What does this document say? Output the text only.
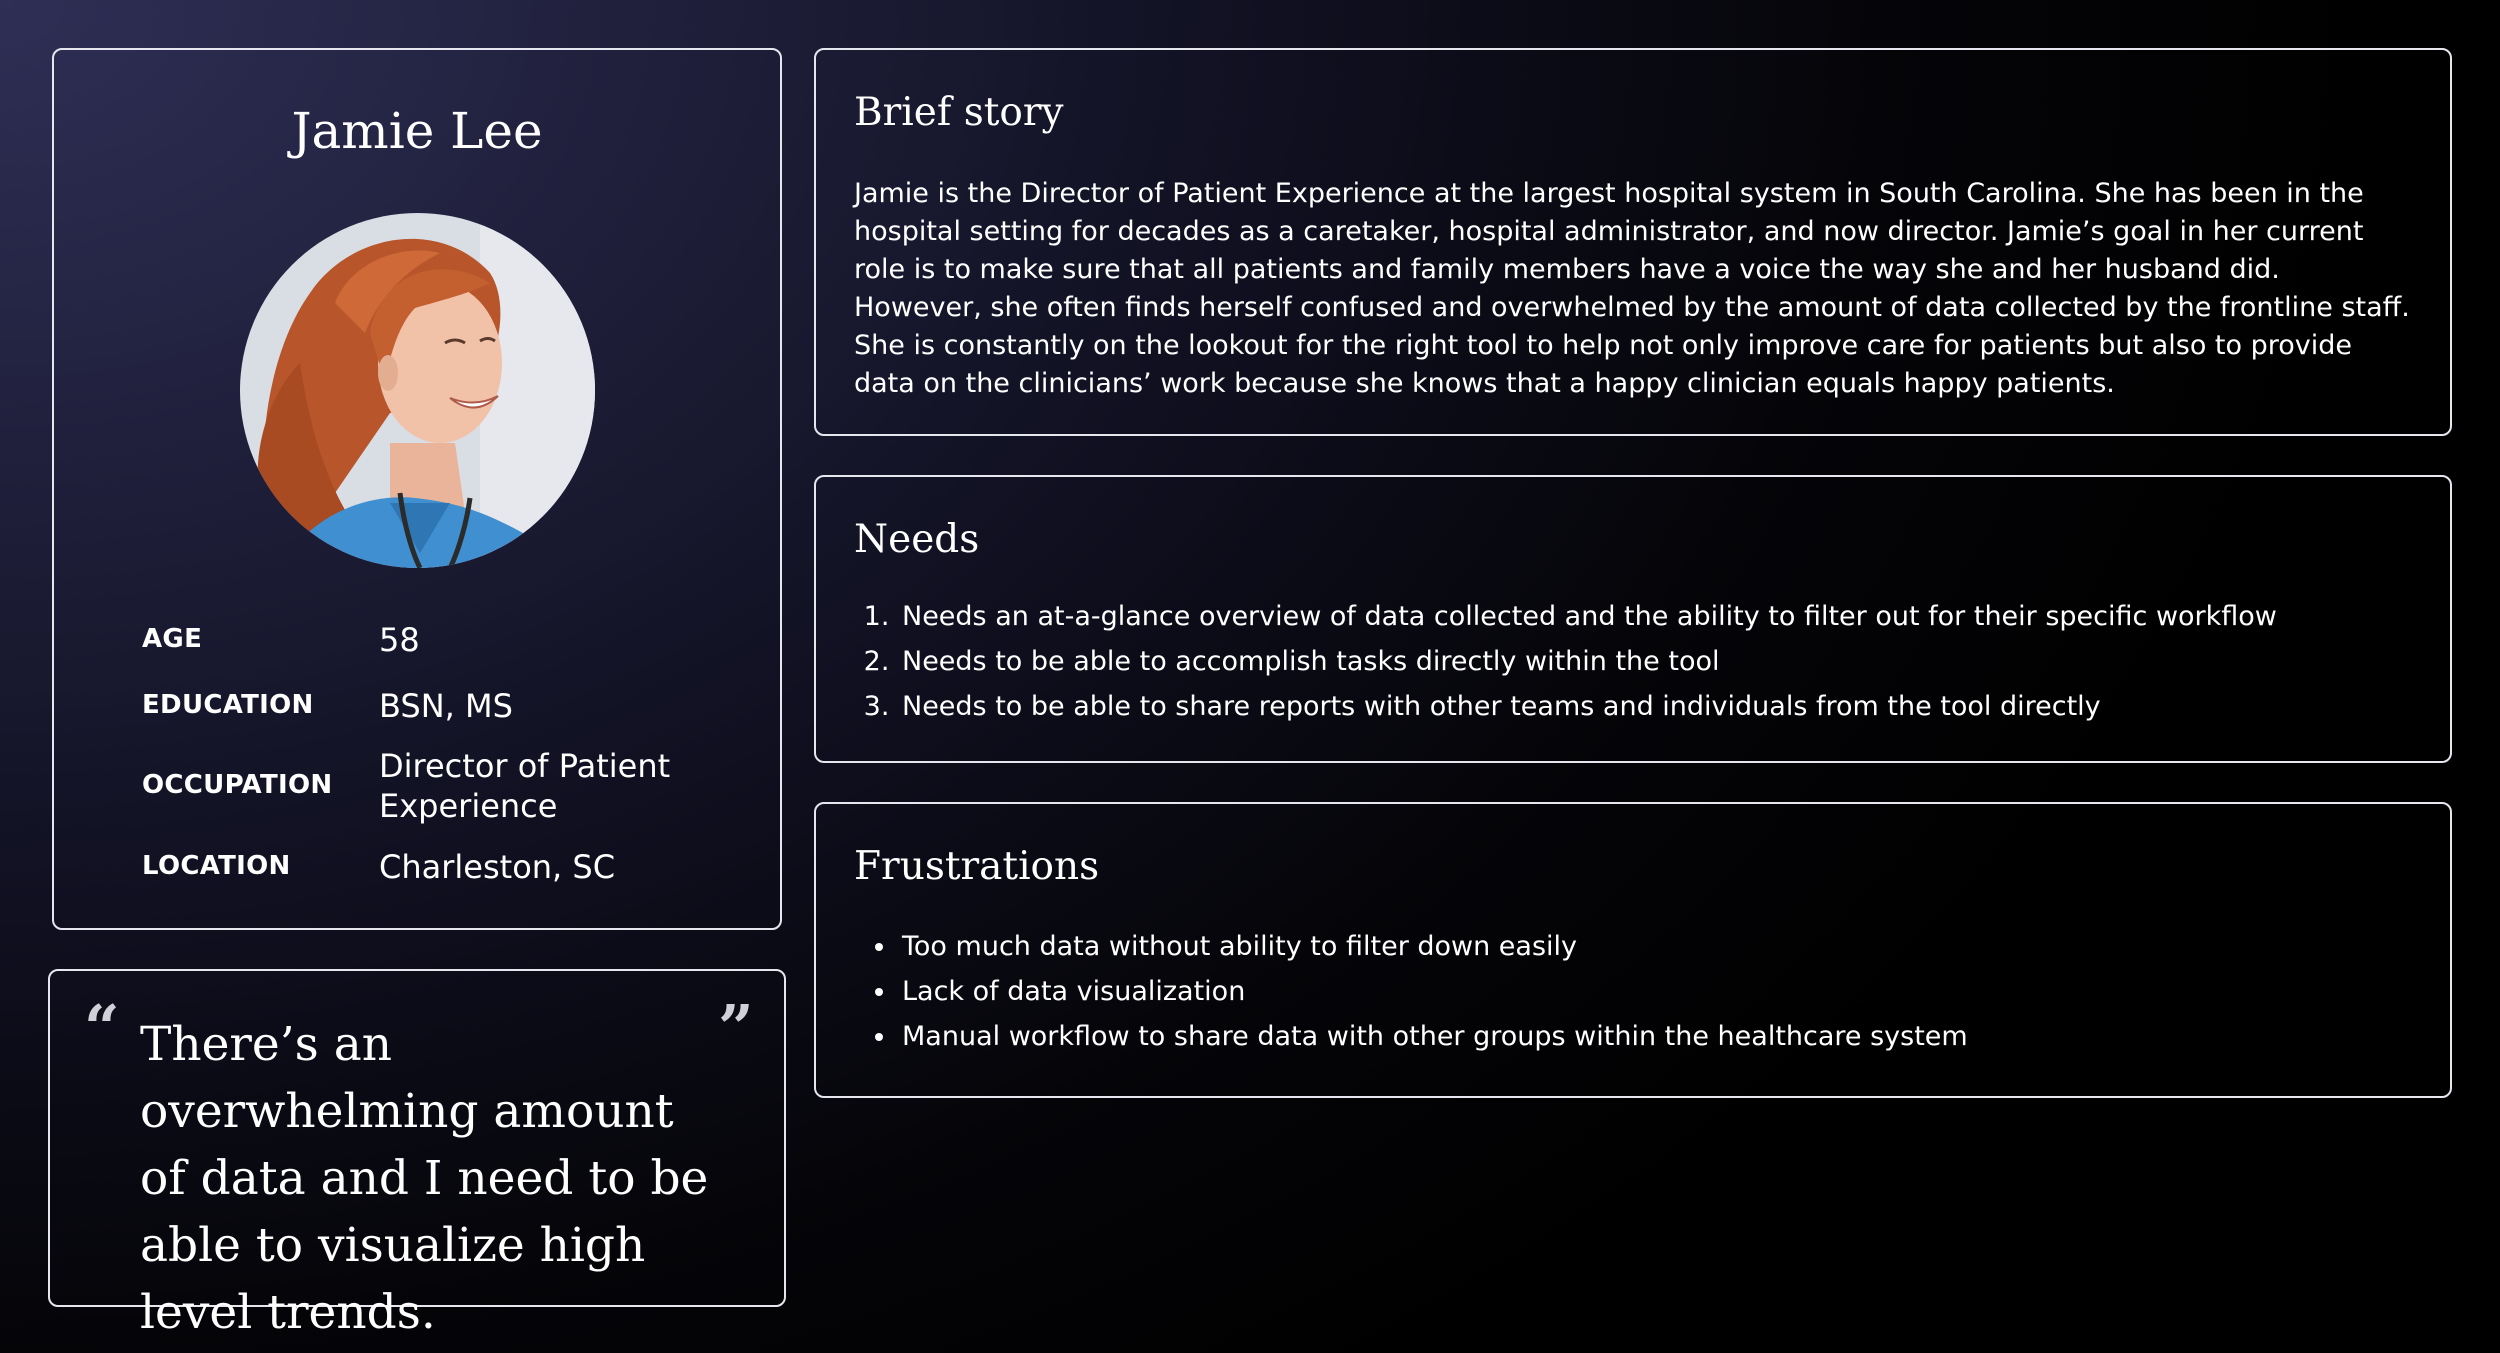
Jamie Lee
AGE	58
EDUCATION BSN, MS
OCCUPATION Director of Patient Experience
LOCATION	Charleston, SC
“	”
There’s an overwhelming amount of data and I need to be able to visualize high level trends.
Brief story

Jamie is the Director of Patient Experience at the largest hospital system in South Carolina. She has been in the hospital setting for decades as a caretaker, hospital administrator, and now director. Jamie’s goal in her current role is to make sure that all patients and family members have a voice the way she and her husband did. However, she often finds herself confused and overwhelmed by the amount of data collected by the frontline staff. She is constantly on the lookout for the right tool to help not only improve care for patients but also to provide data on the clinicians’ work because she knows that a happy clinician equals happy patients.

Needs
1. Needs an at-a-glance overview of data collected and the ability to filter out for their specific workflow
2. Needs to be able to accomplish tasks directly within the tool
3. Needs to be able to share reports with other teams and individuals from the tool directly
Frustrations
• Too much data without ability to filter down easily
• Lack of data visualization
• Manual workflow to share data with other groups within the healthcare system
